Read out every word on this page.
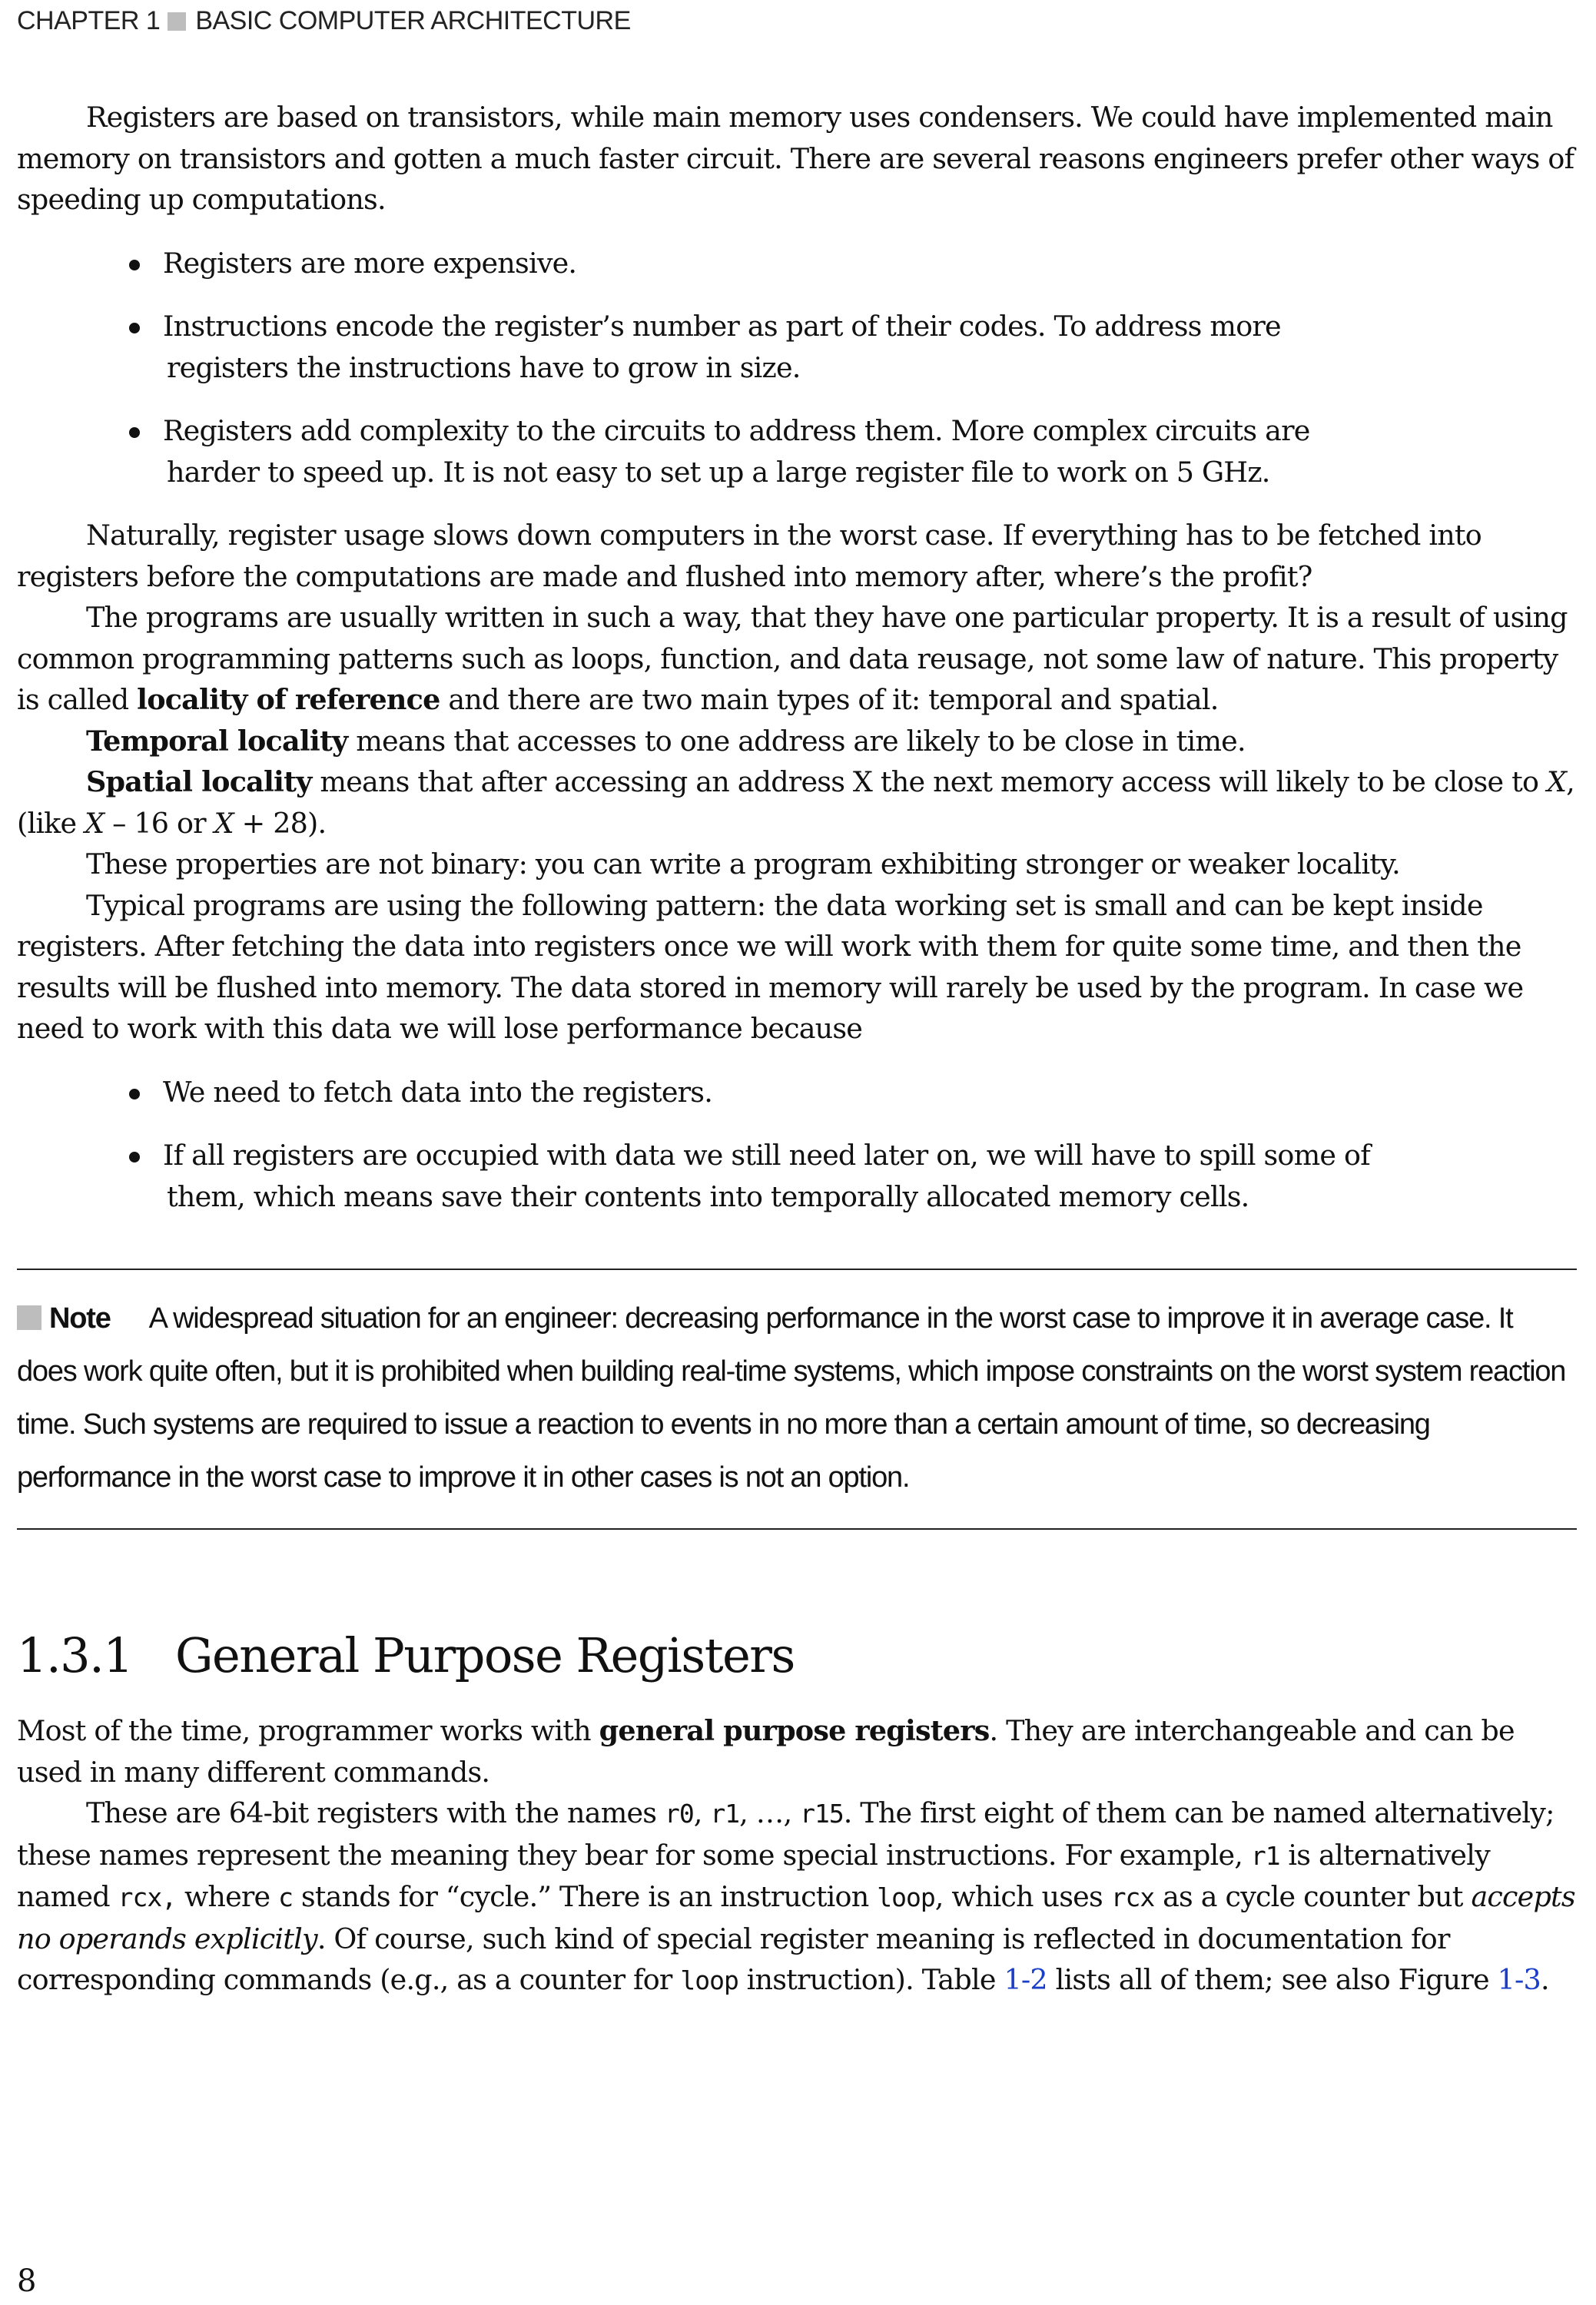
CHAPTER 1 BASIC COMPUTER ARCHITECTURE

Registers are based on transistors, while main memory uses condensers. We could have implemented main memory on transistors and gotten a much faster circuit. There are several reasons engineers prefer other ways of speeding up computations.

Registers are more expensive.
Instructions encode the register’s number as part of their codes. To address more registers the instructions have to grow in size.
Registers add complexity to the circuits to address them. More complex circuits are harder to speed up. It is not easy to set up a large register file to work on 5 GHz.

Naturally, register usage slows down computers in the worst case. If everything has to be fetched into registers before the computations are made and flushed into memory after, where’s the profit?

The programs are usually written in such a way, that they have one particular property. It is a result of using common programming patterns such as loops, function, and data reusage, not some law of nature. This property is called locality of reference and there are two main types of it: temporal and spatial.

Temporal locality means that accesses to one address are likely to be close in time.

Spatial locality means that after accessing an address X the next memory access will likely to be close to X, (like X – 16 or X + 28).

These properties are not binary: you can write a program exhibiting stronger or weaker locality.

Typical programs are using the following pattern: the data working set is small and can be kept inside registers. After fetching the data into registers once we will work with them for quite some time, and then the results will be flushed into memory. The data stored in memory will rarely be used by the program. In case we need to work with this data we will lose performance because

We need to fetch data into the registers.
If all registers are occupied with data we still need later on, we will have to spill some of them, which means save their contents into temporally allocated memory cells.
Note A widespread situation for an engineer: decreasing performance in the worst case to improve it in average case. It does work quite often, but it is prohibited when building real-time systems, which impose constraints on the worst system reaction time. Such systems are required to issue a reaction to events in no more than a certain amount of time, so decreasing performance in the worst case to improve it in other cases is not an option.
1.3.1 General Purpose Registers

Most of the time, programmer works with general purpose registers. They are interchangeable and can be used in many different commands.

These are 64-bit registers with the names r0, r1, …, r15. The first eight of them can be named alternatively; these names represent the meaning they bear for some special instructions. For example, r1 is alternatively named rcx, where c stands for “cycle.” There is an instruction loop, which uses rcx as a cycle counter but accepts no operands explicitly. Of course, such kind of special register meaning is reflected in documentation for corresponding commands (e.g., as a counter for loop instruction). Table 1-2 lists all of them; see also Figure 1-3.

8
